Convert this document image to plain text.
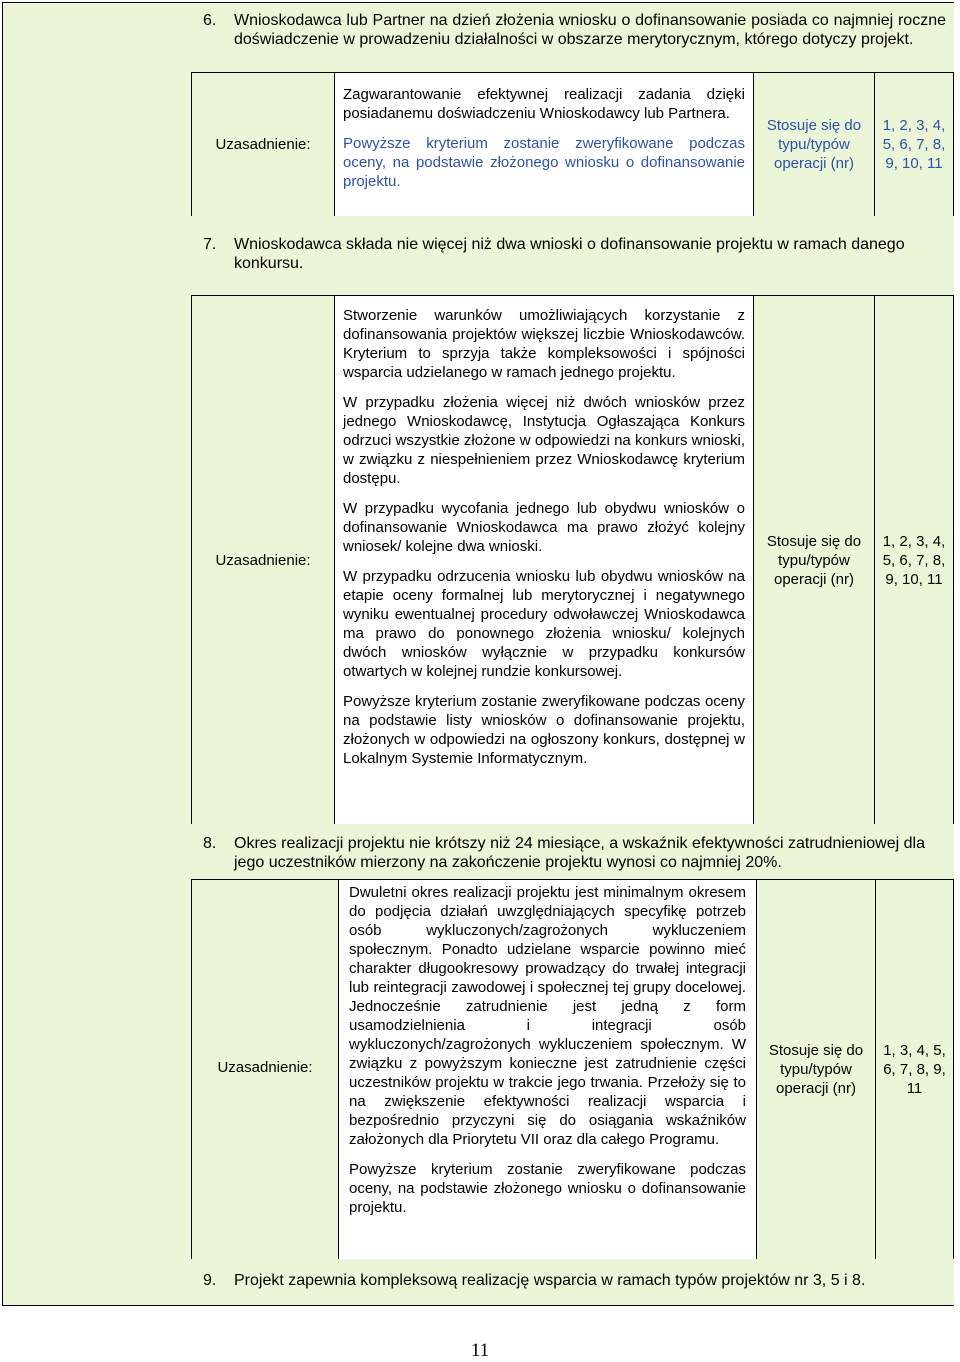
6. Wnioskodawca lub Partner na dzień złożenia wniosku o dofinansowanie posiada co najmniej roczne doświadczenie w prowadzeniu działalności w obszarze merytorycznym, którego dotyczy projekt.
Uzasadnienie:

Zagwarantowanie efektywnej realizacji zadania dzięki posiadanemu doświadczeniu Wnioskodawcy lub Partnera.

Powyższe kryterium zostanie zweryfikowane podczas oceny, na podstawie złożonego wniosku o dofinansowanie projektu.

Stosuje się do typu/typów operacji (nr)
1, 2, 3, 4, 5, 6, 7, 8, 9, 10, 11
7. Wnioskodawca składa nie więcej niż dwa wnioski o dofinansowanie projektu w ramach danego konkursu.
Uzasadnienie:

Stworzenie warunków umożliwiających korzystanie z dofinansowania projektów większej liczbie Wnioskodawców. Kryterium to sprzyja także kompleksowości i spójności wsparcia udzielanego w ramach jednego projektu.

W przypadku złożenia więcej niż dwóch wniosków przez jednego Wnioskodawcę, Instytucja Ogłaszająca Konkurs odrzuci wszystkie złożone w odpowiedzi na konkurs wnioski, w związku z niespełnieniem przez Wnioskodawcę kryterium dostępu.

W przypadku wycofania jednego lub obydwu wniosków o dofinansowanie Wnioskodawca ma prawo złożyć kolejny wniosek/ kolejne dwa wnioski.

W przypadku odrzucenia wniosku lub obydwu wniosków na etapie oceny formalnej lub merytorycznej i negatywnego wyniku ewentualnej procedury odwoławczej Wnioskodawca ma prawo do ponownego złożenia wniosku/ kolejnych dwóch wniosków wyłącznie w przypadku konkursów otwartych w kolejnej rundzie konkursowej.

Powyższe kryterium zostanie zweryfikowane podczas oceny na podstawie listy wniosków o dofinansowanie projektu, złożonych w odpowiedzi na ogłoszony konkurs, dostępnej w Lokalnym Systemie Informatycznym.

Stosuje się do typu/typów operacji (nr)
1, 2, 3, 4, 5, 6, 7, 8, 9, 10, 11
8. Okres realizacji projektu nie krótszy niż 24 miesiące, a wskaźnik efektywności zatrudnieniowej dla jego uczestników mierzony na zakończenie projektu wynosi co najmniej 20%.
Uzasadnienie:

Dwuletni okres realizacji projektu jest minimalnym okresem do podjęcia działań uwzględniających specyfikę potrzeb osób wykluczonych/zagrożonych wykluczeniem społecznym. Ponadto udzielane wsparcie powinno mieć charakter długookresowy prowadzący do trwałej integracji lub reintegracji zawodowej i społecznej tej grupy docelowej. Jednocześnie zatrudnienie jest jedną z form usamodzielnienia i integracji osób wykluczonych/zagrożonych wykluczeniem społecznym. W związku z powyższym konieczne jest zatrudnienie części uczestników projektu w trakcie jego trwania. Przełoży się to na zwiększenie efektywności realizacji wsparcia i bezpośrednio przyczyni się do osiągania wskaźników założonych dla Priorytetu VII oraz dla całego Programu.

Powyższe kryterium zostanie zweryfikowane podczas oceny, na podstawie złożonego wniosku o dofinansowanie projektu.

Stosuje się do typu/typów operacji (nr)
1, 3, 4, 5, 6, 7, 8, 9, 11
9. Projekt zapewnia kompleksową realizację wsparcia w ramach typów projektów nr 3, 5 i 8.
11
